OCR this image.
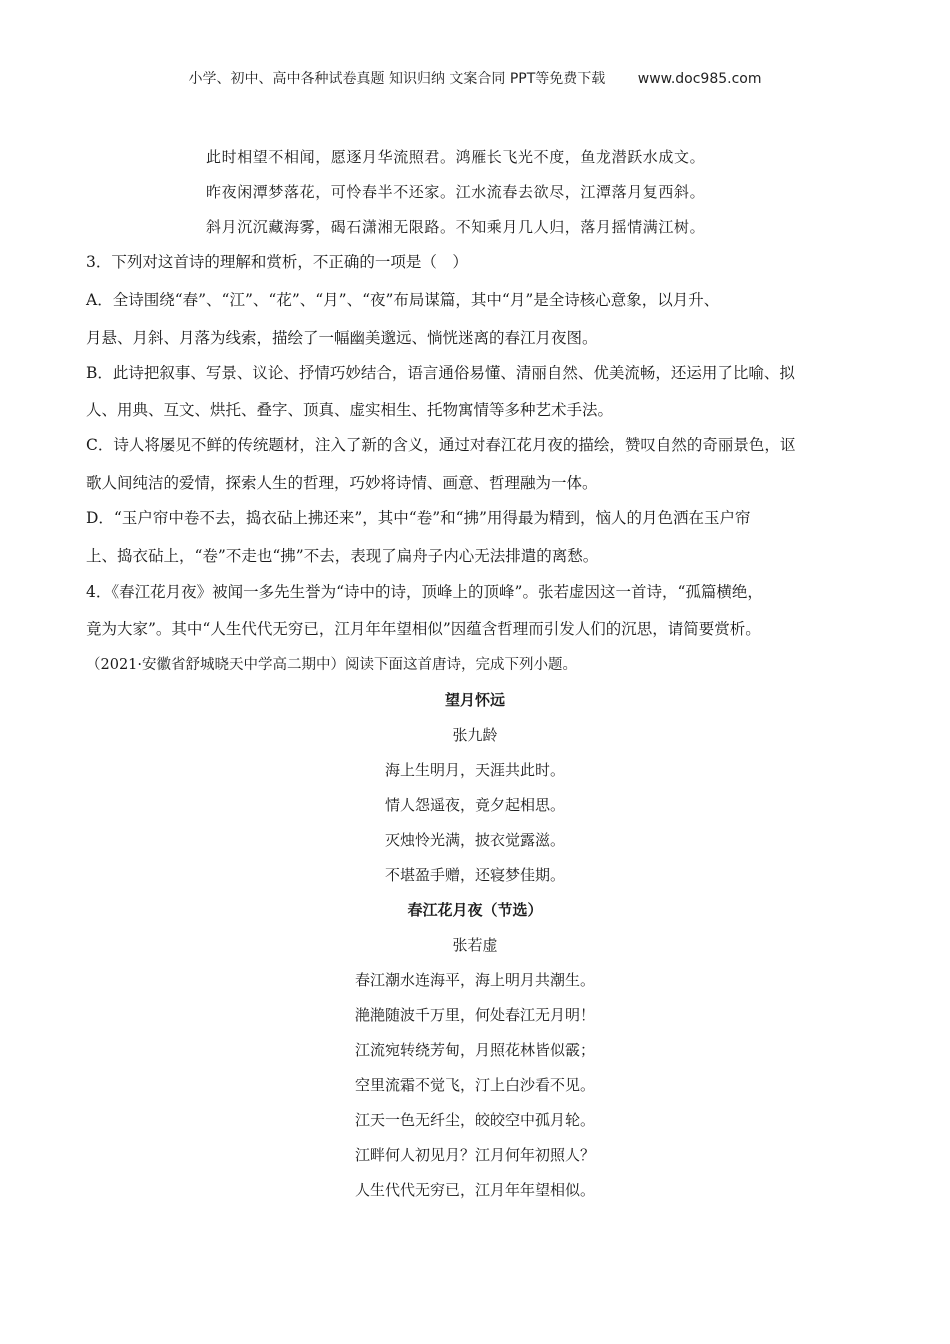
小学、初中、高中各种试卷真题 知识归纳 文案合同 PPT等免费下载 www.doc985.com
此时相望不相闻，愿逐月华流照君。鸿雁长飞光不度，鱼龙潜跃水成文。
昨夜闲潭梦落花，可怜春半不还家。江水流春去欲尽，江潭落月复西斜。
斜月沉沉藏海雾，碣石潇湘无限路。不知乘月几人归，落月摇情满江树。
3．下列对这首诗的理解和赏析，不正确的一项是（　）
A．全诗围绕“春”、“江”、“花”、“月”、“夜”布局谋篇，其中“月”是全诗核心意象，以月升、
月悬、月斜、月落为线索，描绘了一幅幽美邈远、惝恍迷离的春江月夜图。
B．此诗把叙事、写景、议论、抒情巧妙结合，语言通俗易懂、清丽自然、优美流畅，还运用了比喻、拟
人、用典、互文、烘托、叠字、顶真、虚实相生、托物寓情等多种艺术手法。
C．诗人将屡见不鲜的传统题材，注入了新的含义，通过对春江花月夜的描绘，赞叹自然的奇丽景色，讴
歌人间纯洁的爱情，探索人生的哲理，巧妙将诗情、画意、哲理融为一体。
D．“玉户帘中卷不去，捣衣砧上拂还来”，其中“卷”和“拂”用得最为精到，恼人的月色洒在玉户帘
上、捣衣砧上，“卷”不走也“拂”不去，表现了扁舟子内心无法排遣的离愁。
4．《春江花月夜》被闻一多先生誉为“诗中的诗，顶峰上的顶峰”。张若虚因这一首诗，“孤篇横绝，
竟为大家”。其中“人生代代无穷已，江月年年望相似”因蕴含哲理而引发人们的沉思，请简要赏析。
（2021·安徽省舒城晓天中学高二期中）阅读下面这首唐诗，完成下列小题。
望月怀远
张九龄
海上生明月，天涯共此时。
情人怨遥夜，竟夕起相思。
灭烛怜光满，披衣觉露滋。
不堪盈手赠，还寝梦佳期。
春江花月夜（节选）
张若虚
春江潮水连海平，海上明月共潮生。
滟滟随波千万里，何处春江无月明！
江流宛转绕芳甸，月照花林皆似霰；
空里流霜不觉飞，汀上白沙看不见。
江天一色无纤尘，皎皎空中孤月轮。
江畔何人初见月？江月何年初照人？
人生代代无穷已，江月年年望相似。
